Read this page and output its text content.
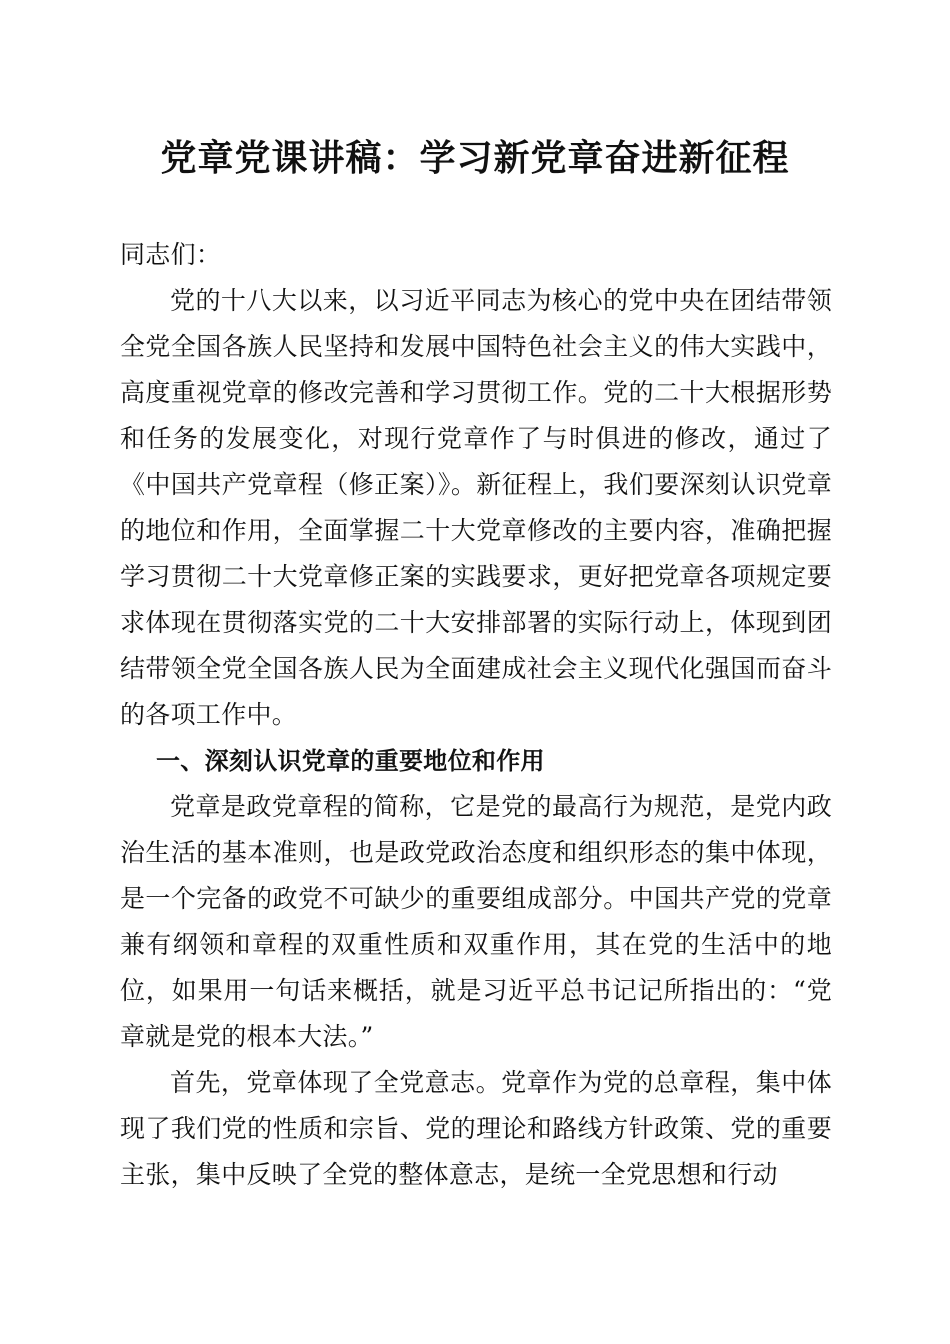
党章党课讲稿：学习新党章奋进新征程

同志们：

党的十八大以来，以习近平同志为核心的党中央在团结带领全党全国各族人民坚持和发展中国特色社会主义的伟大实践中，高度重视党章的修改完善和学习贯彻工作。党的二十大根据形势和任务的发展变化，对现行党章作了与时俱进的修改，通过了《中国共产党章程（修正案）》。新征程上，我们要深刻认识党章的地位和作用，全面掌握二十大党章修改的主要内容，准确把握学习贯彻二十大党章修正案的实践要求，更好把党章各项规定要求体现在贯彻落实党的二十大安排部署的实际行动上，体现到团结带领全党全国各族人民为全面建成社会主义现代化强国而奋斗的各项工作中。

一、深刻认识党章的重要地位和作用

党章是政党章程的简称，它是党的最高行为规范，是党内政治生活的基本准则，也是政党政治态度和组织形态的集中体现，是一个完备的政党不可缺少的重要组成部分。中国共产党的党章兼有纲领和章程的双重性质和双重作用，其在党的生活中的地位，如果用一句话来概括，就是习近平总书记记所指出的：“党章就是党的根本大法。”

首先，党章体现了全党意志。党章作为党的总章程，集中体现了我们党的性质和宗旨、党的理论和路线方针政策、党的重要主张，集中反映了全党的整体意志，是统一全党思想和行动
